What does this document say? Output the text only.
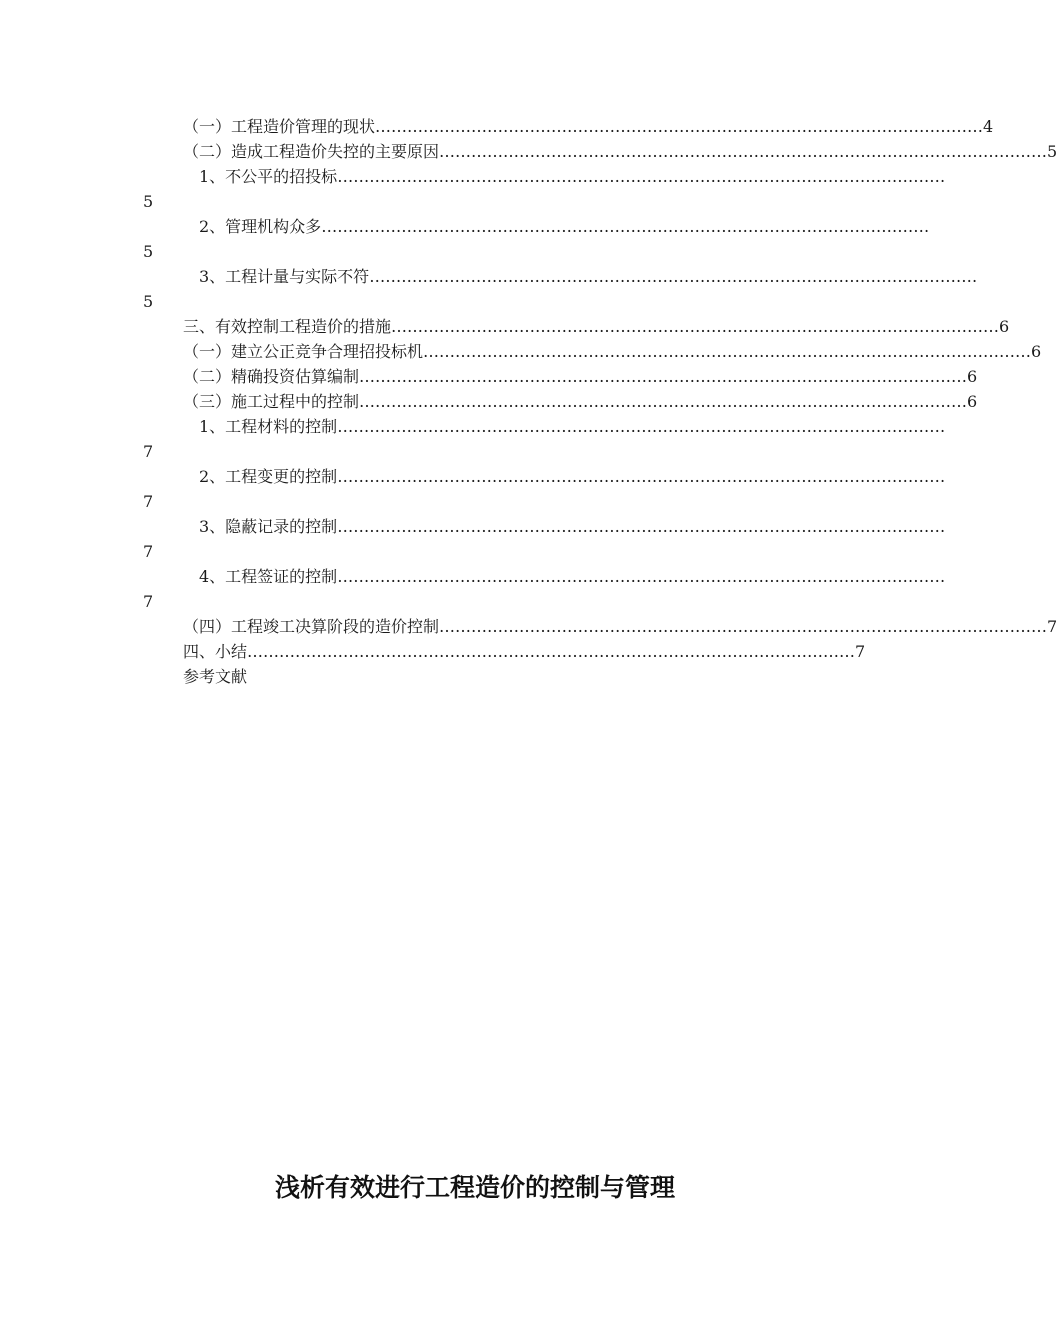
（一）工程造价管理的现状 …………………………………………………………………………………………………… 4
（二）造成工程造价失控的主要原因 …………………………………………………………………………………………………… 5
1、不公平的招投标 ……………………………………………………………………………………………………
5
2、管理机构众多 ……………………………………………………………………………………………………
5
3、工程计量与实际不符 ……………………………………………………………………………………………………
5
三、有效控制工程造价的措施 …………………………………………………………………………………………………… 6
（一）建立公正竞争合理招投标机 …………………………………………………………………………………………………… 6
（二）精确投资估算编制 …………………………………………………………………………………………………… 6
（三）施工过程中的控制 …………………………………………………………………………………………………… 6
1、工程材料的控制 ……………………………………………………………………………………………………
7
2、工程变更的控制 ……………………………………………………………………………………………………
7
3、隐蔽记录的控制 ……………………………………………………………………………………………………
7
4、工程签证的控制 ……………………………………………………………………………………………………
7
（四）工程竣工决算阶段的造价控制 …………………………………………………………………………………………………… 7
四、小结 …………………………………………………………………………………………………… 7
参考文献
浅析有效进行工程造价的控制与管理
